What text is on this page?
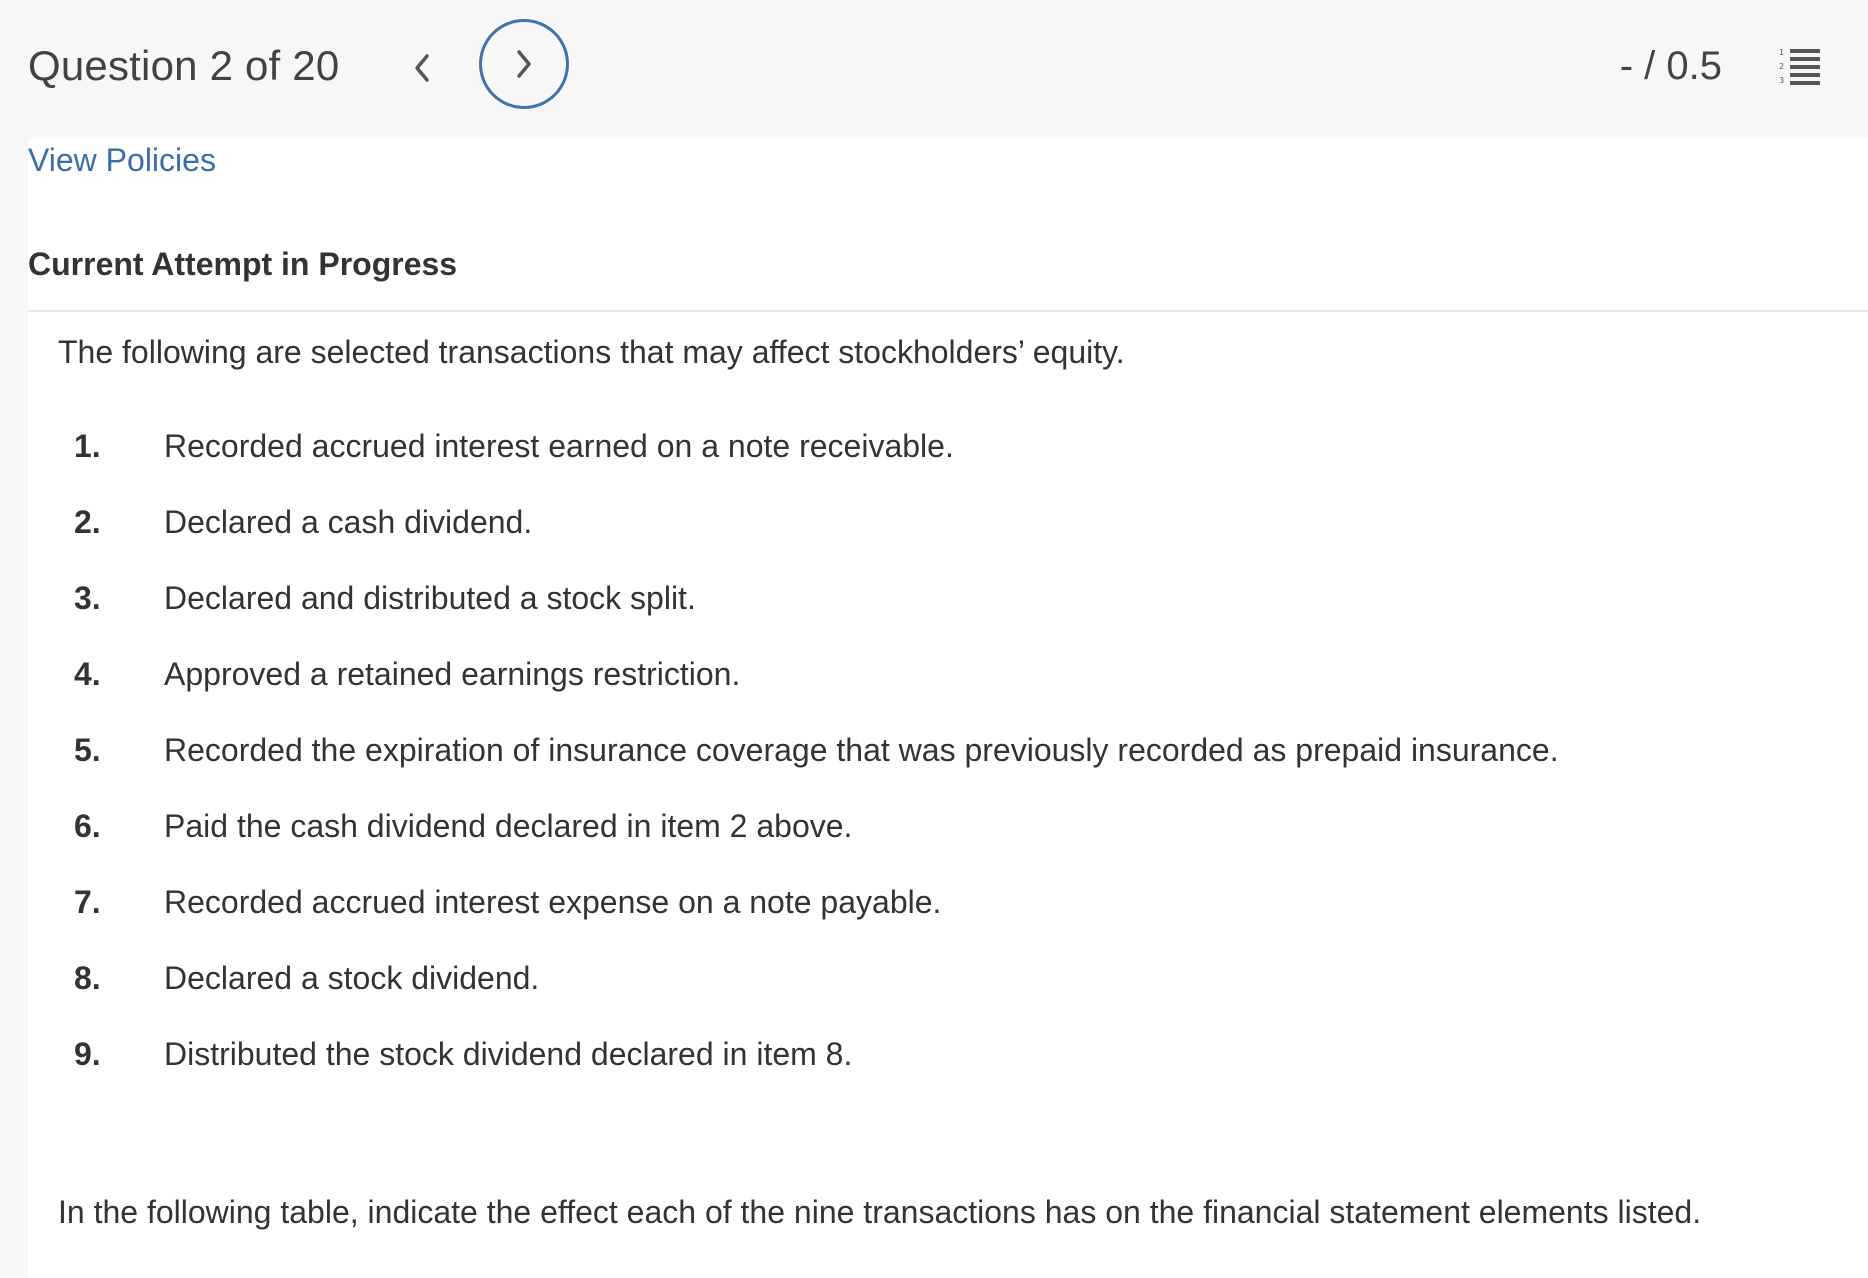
Question 2 of 20	- / 0.5	1
2
3
View Policies
Current Attempt in Progress
The following are selected transactions that may affect stockholders’ equity.
1. Recorded accrued interest earned on a note receivable.
2. Declared a cash dividend.
3. Declared and distributed a stock split.
4. Approved a retained earnings restriction.
5. Recorded the expiration of insurance coverage that was previously recorded as prepaid insurance.
6. Paid the cash dividend declared in item 2 above.
7. Recorded accrued interest expense on a note payable.
8. Declared a stock dividend.
9. Distributed the stock dividend declared in item 8.
In the following table, indicate the effect each of the nine transactions has on the financial statement elements listed.
